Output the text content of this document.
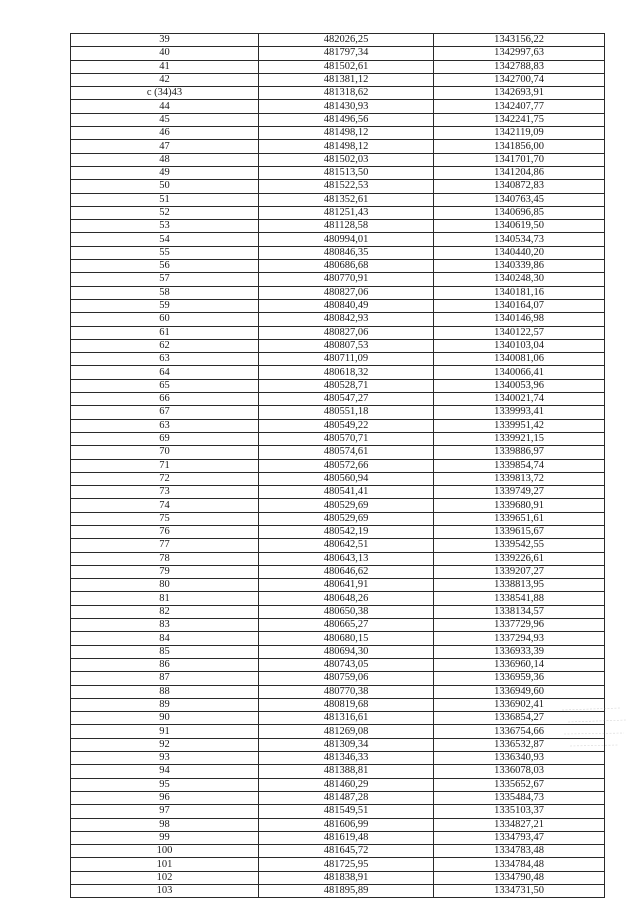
39	482026,25	1343156,22
40	481797,34	1342997,63
41	481502,61	1342788,83
42	481381,12	1342700,74
с (34)43	481318,62	1342693,91
44	481430,93	1342407,77
45	481496,56	1342241,75
46	481498,12	1342119,09
47	481498,12	1341856,00
48	481502,03	1341701,70
49	481513,50	1341204,86
50	481522,53	1340872,83
51	481352,61	1340763,45
52	481251,43	1340696,85
53	481128,58	1340619,50
54	480994,01	1340534,73
55	480846,35	1340440,20
56	480686,68	1340339,86
57	480770,91	1340248,30
58	480827,06	1340181,16
59	480840,49	1340164,07
60	480842,93	1340146,98
61	480827,06	1340122,57
62	480807,53	1340103,04
63	480711,09	1340081,06
64	480618,32	1340066,41
65	480528,71	1340053,96
66	480547,27	1340021,74
67	480551,18	1339993,41
63	480549,22	1339951,42
69	480570,71	1339921,15
70	480574,61	1339886,97
71	480572,66	1339854,74
72	480560,94	1339813,72
73	480541,41	1339749,27
74	480529,69	1339680,91
75	480529,69	1339651,61
76	480542,19	1339615,67
77	480642,51	1339542,55
78	480643,13	1339226,61
79	480646,62	1339207,27
80	480641,91	1338813,95
81	480648,26	1338541,88
82	480650,38	1338134,57
83	480665,27	1337729,96
84	480680,15	1337294,93
85	480694,30	1336933,39
86	480743,05	1336960,14
87	480759,06	1336959,36
88	480770,38	1336949,60
89	480819,68	1336902,41
90	481316,61	1336854,27
91	481269,08	1336754,66
92	481309,34	1336532,87
93	481346,33	1336340,93
94	481388,81	1336078,03
95	481460,29	1335652,67
96	481487,28	1335484,73
97	481549,51	1335103,37
98	481606,99	1334827,21
99	481619,48	1334793,47
100	481645,72	1334783,48
101	481725,95	1334784,48
102	481838,91	1334790,48
103	481895,89	1334731,50
